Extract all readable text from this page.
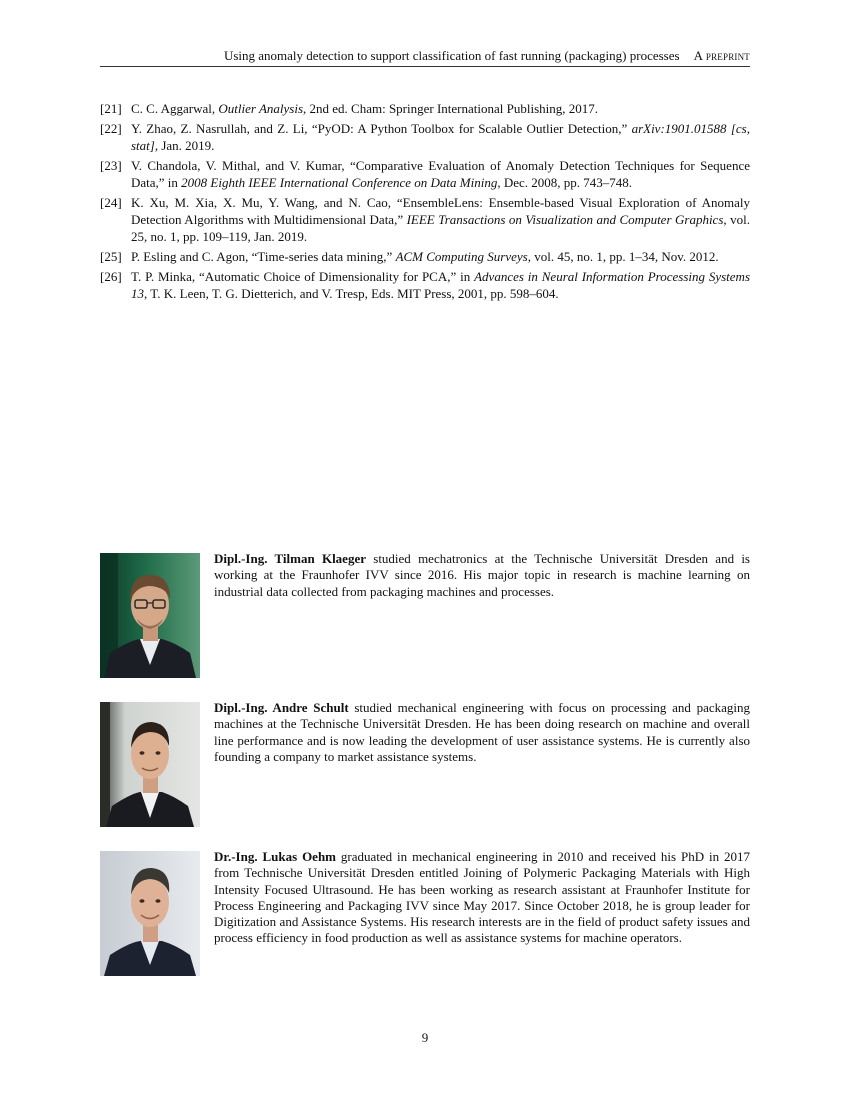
Using anomaly detection to support classification of fast running (packaging) processes A preprint
[21] C. C. Aggarwal, Outlier Analysis, 2nd ed. Cham: Springer International Publishing, 2017.
[22] Y. Zhao, Z. Nasrullah, and Z. Li, “PyOD: A Python Toolbox for Scalable Outlier Detection,” arXiv:1901.01588 [cs, stat], Jan. 2019.
[23] V. Chandola, V. Mithal, and V. Kumar, “Comparative Evaluation of Anomaly Detection Techniques for Sequence Data,” in 2008 Eighth IEEE International Conference on Data Mining, Dec. 2008, pp. 743–748.
[24] K. Xu, M. Xia, X. Mu, Y. Wang, and N. Cao, “EnsembleLens: Ensemble-based Visual Exploration of Anomaly Detection Algorithms with Multidimensional Data,” IEEE Transactions on Visualization and Computer Graphics, vol. 25, no. 1, pp. 109–119, Jan. 2019.
[25] P. Esling and C. Agon, “Time-series data mining,” ACM Computing Surveys, vol. 45, no. 1, pp. 1–34, Nov. 2012.
[26] T. P. Minka, “Automatic Choice of Dimensionality for PCA,” in Advances in Neural Information Processing Systems 13, T. K. Leen, T. G. Dietterich, and V. Tresp, Eds. MIT Press, 2001, pp. 598–604.
Dipl.-Ing. Tilman Klaeger studied mechatronics at the Technische Universität Dresden and is working at the Fraunhofer IVV since 2016. His major topic in research is machine learning on industrial data collected from packaging machines and processes.
Dipl.-Ing. Andre Schult studied mechanical engineering with focus on processing and packaging machines at the Technische Universität Dresden. He has been doing research on machine and overall line performance and is now leading the development of user assistance systems. He is currently also founding a company to market assistance systems.
Dr.-Ing. Lukas Oehm graduated in mechanical engineering in 2010 and received his PhD in 2017 from Technische Universität Dresden entitled Joining of Polymeric Packaging Materials with High Intensity Focused Ultrasound. He has been working as research assistant at Fraunhofer Institute for Process Engineering and Packaging IVV since May 2017. Since October 2018, he is group leader for Digitization and Assistance Systems. His research interests are in the field of product safety issues and process efficiency in food production as well as assistance systems for machine operators.
9
